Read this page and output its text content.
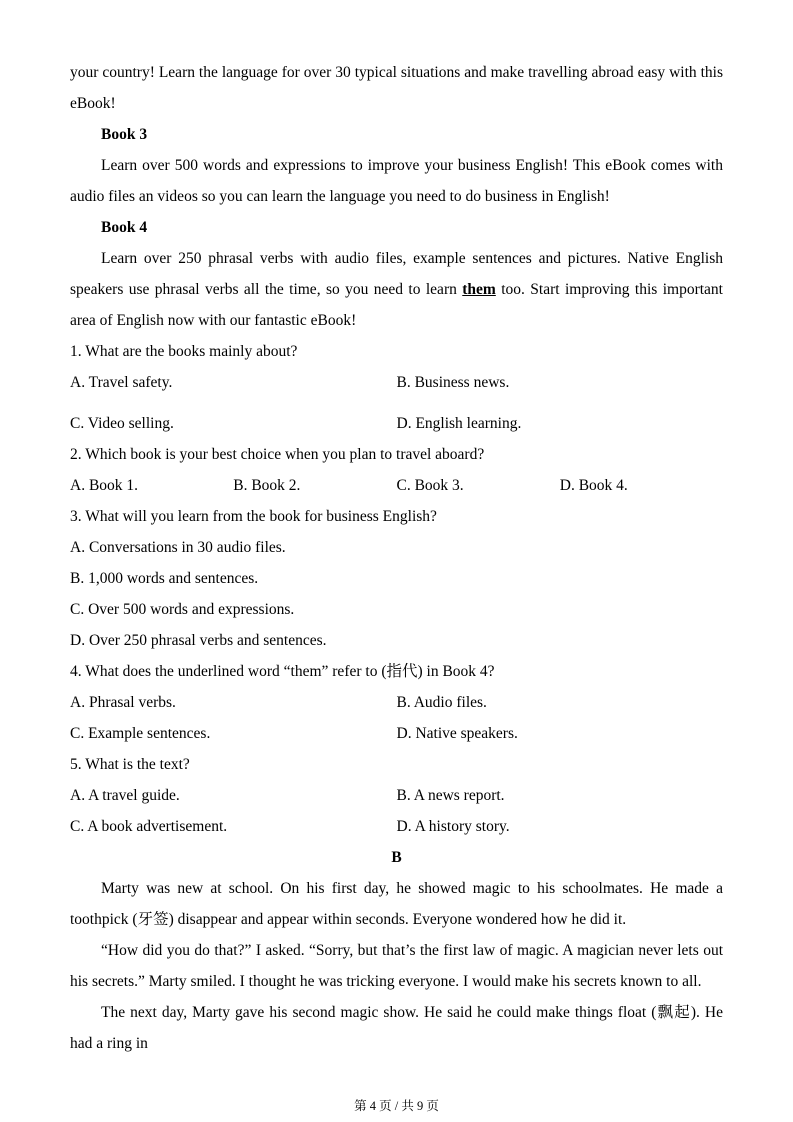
your country! Learn the language for over 30 typical situations and make travelling abroad easy with this eBook!

Book 3

Learn over 500 words and expressions to improve your business English! This eBook comes with audio files an videos so you can learn the language you need to do business in English!

Book 4

Learn over 250 phrasal verbs with audio files, example sentences and pictures. Native English speakers use phrasal verbs all the time, so you need to learn them too. Start improving this important area of English now with our fantastic eBook!

1. What are the books mainly about?

A. Travel safety.	B. Business news.
C. Video selling.	D. English learning.

2. Which book is your best choice when you plan to travel aboard?

A. Book 1.	B. Book 2.	C. Book 3.	D. Book 4.

3. What will you learn from the book for business English?

A. Conversations in 30 audio files.

B. 1,000 words and sentences.

C. Over 500 words and expressions.

D. Over 250 phrasal verbs and sentences.

4. What does the underlined word “them” refer to (指代) in Book 4?

A. Phrasal verbs.	B. Audio files.
C. Example sentences.	D. Native speakers.

5. What is the text?

A. A travel guide.	B. A news report.
C. A book advertisement.	D. A history story.

B

Marty was new at school. On his first day, he showed magic to his schoolmates. He made a toothpick (牙签) disappear and appear within seconds. Everyone wondered how he did it.

“How did you do that?” I asked. “Sorry, but that’s the first law of magic. A magician never lets out his secrets.” Marty smiled. I thought he was tricking everyone. I would make his secrets known to all.

The next day, Marty gave his second magic show. He said he could make things float (飘起). He had a ring in

第 4 页 / 共 9 页
